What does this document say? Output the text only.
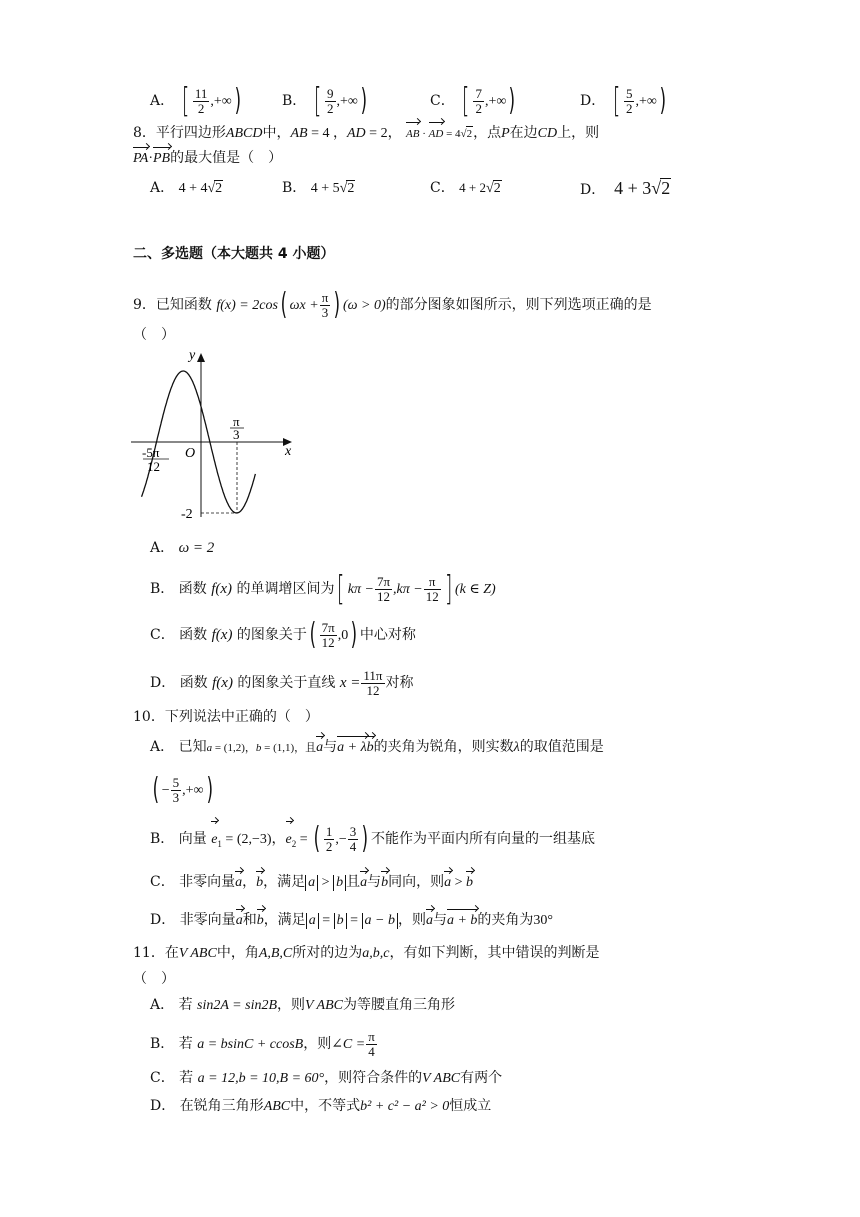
A． [ $\frac{11}{2}$ ,+∞)	B． [ $\frac{9}{2}$ ,+∞)	C． [ $\frac{7}{2}$ ,+∞)	D． [ $\frac{5}{2}$ ,+∞)
8．平行四边形ABCD中，AB = 4 ，AD = 2， AB · AD = 4√2，点P在边CD上，则
PA·PB的最大值是（　）
A． 4 + 4√2	B． 4 + 5√2	C． 4 + 2√2	D． 4 + 3√2
二、多选题（本大题共 4 小题）
9．已知函数 f(x) = 2cos( $\omega x + \frac{\pi}{3}$ ) (ω > 0)的部分图象如图所示，则下列选项正确的是
（　）
y
x
O
-2
π
3
-5π
12
A． ω = 2
B． 函数 f(x) 的单调增区间为[ $k\pi - \frac{7\pi}{12} ,k\pi - \frac{\pi}{12}$ ] (k ∈ Z)
C． 函数 f(x) 的图象关于( $\frac{7\pi}{12} ,0$) 中心对称
D． 函数 f(x) 的图象关于直线 $x = \frac{11\pi}{12}$ 对称
10．下列说法中正确的（　）
A． 已知a = (1,2)，b = (1,1)，且a与a + λb的夹角为锐角，则实数λ的取值范围是
( − $\frac{5}{3}$ ,+∞)
B． 向量 $e_1 = (2,-3)$，$e_2$ = ( $\frac{1}{2}$ ,− $\frac{3}{4}$ ) 不能作为平面内所有向量的一组基底
C． 非零向量a，b，满足 a > b 且a与b同向，则a > b
D． 非零向量a和b，满足 a = b = a − b ，则a与a + b的夹角为30°
11．在V ABC中，角A,B,C所对的边为a,b,c，有如下判断，其中错误的判断是
（　）
A． 若 sin2A = sin2B，则V ABC为等腰直角三角形
B． 若 a = bsinC + ccosB，则∠C = $\frac{\pi}{4}$
C． 若 a = 12,b = 10,B = 60°，则符合条件的V ABC有两个
D． 在锐角三角形ABC中，不等式b² + c² − a² > 0恒成立
